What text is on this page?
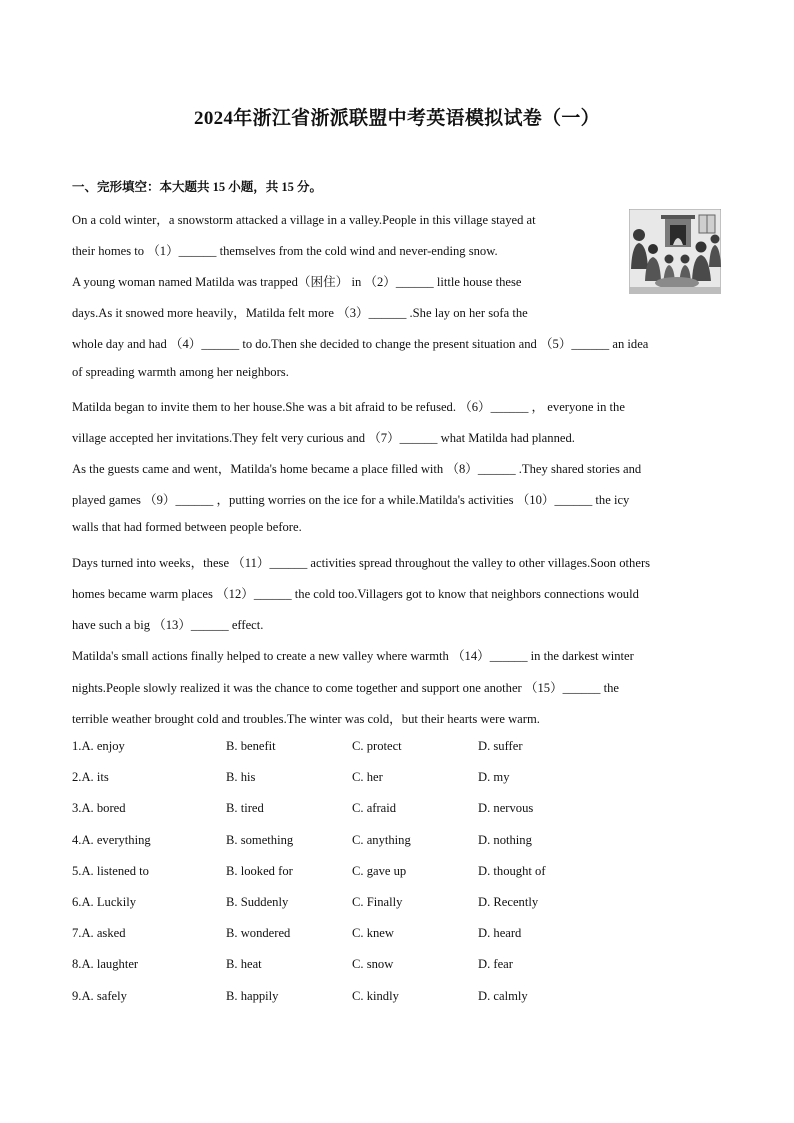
2024年浙江省浙派联盟中考英语模拟试卷（一）
一、完形填空：本大题共 15 小题，共 15 分。
On a cold winter，a snowstorm attacked a village in a valley.People in this village stayed at
their homes to （1）______ themselves from the cold wind and never-ending snow.
A young woman named Matilda was trapped（困住） in （2）______ little house these
days.As it snowed more heavily，Matilda felt more （3）______ .She lay on her sofa the
whole day and had （4）______ to do.Then she decided to change the present situation and （5）______ an idea
of spreading warmth among her neighbors.
Matilda began to invite them to her house.She was a bit afraid to be refused. （6）______ ， everyone in the
village accepted her invitations.They felt very curious and （7）______ what Matilda had planned.
As the guests came and went，Matilda's home became a place filled with （8）______ .They shared stories and
played games （9）______ ，putting worries on the ice for a while.Matilda's activities （10）______ the icy
walls that had formed between people before.
Days turned into weeks，these （11）______ activities spread throughout the valley to other villages.Soon others
homes became warm places （12）______ the cold too.Villagers got to know that neighbors connections would
have such a big （13）______ effect.
Matilda's small actions finally helped to create a new valley where warmth （14）______ in the darkest winter
nights.People slowly realized it was the chance to come together and support one another （15）______ the
terrible weather brought cold and troubles.The winter was cold，but their hearts were warm.
1.A. enjoy	B. benefit	C. protect	D. suffer
2.A. its	B. his	C. her	D. my
3.A. bored	B. tired	C. afraid	D. nervous
4.A. everything	B. something	C. anything	D. nothing
5.A. listened to	B. looked for	C. gave up	D. thought of
6.A. Luckily	B. Suddenly	C. Finally	D. Recently
7.A. asked	B. wondered	C. knew	D. heard
8.A. laughter	B. heat	C. snow	D. fear
9.A. safely	B. happily	C. kindly	D. calmly
